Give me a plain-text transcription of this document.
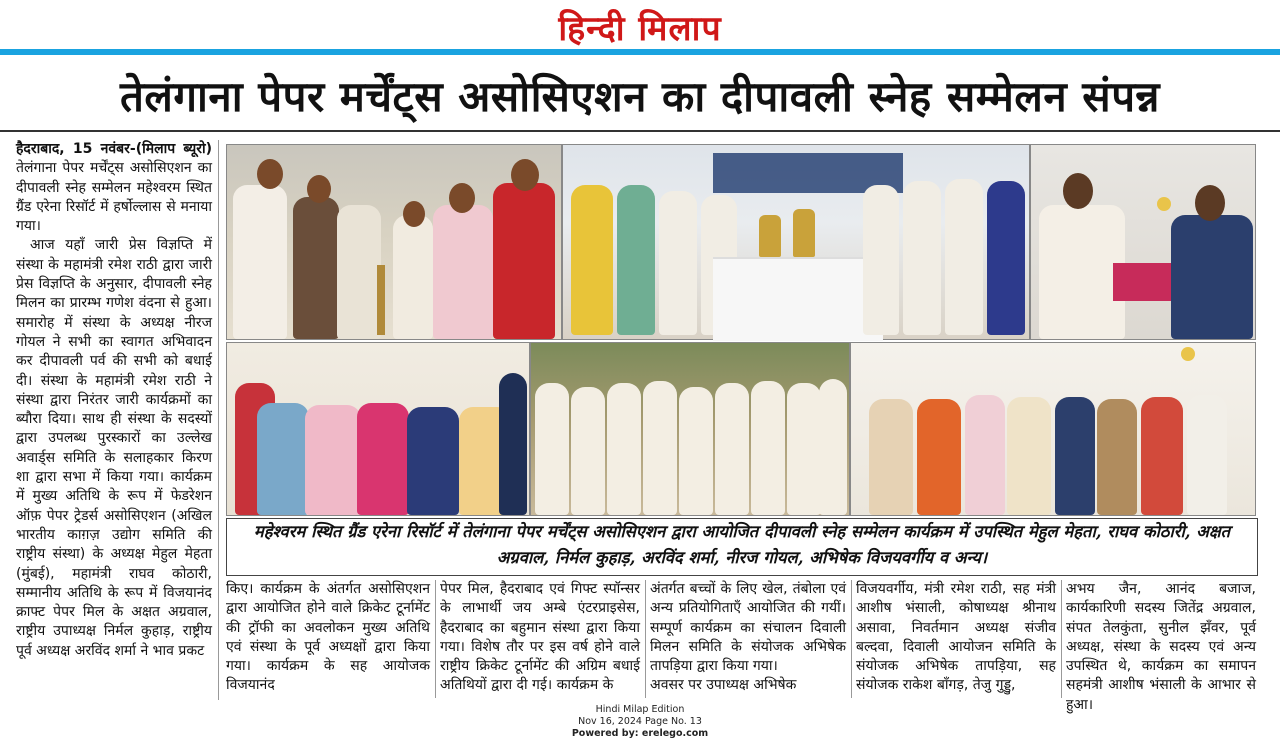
हिन्दी मिलाप
तेलंगाना पेपर मर्चेंट्स असोसिएशन का दीपावली स्नेह सम्मेलन संपन्न

हैदराबाद, 15 नवंबर-(मिलाप ब्यूरो) तेलंगाना पेपर मर्चेंट्स असोसिएशन का दीपावली स्नेह सम्मेलन महेश्वरम स्थित ग्रैंड एरेना रिसॉर्ट में हर्षोल्लास से मनाया गया।

आज यहाँ जारी प्रेस विज्ञप्ति में संस्था के महामंत्री रमेश राठी द्वारा जारी प्रेस विज्ञप्ति के अनुसार, दीपावली स्नेह मिलन का प्रारम्भ गणेश वंदना से हुआ। समारोह में संस्था के अध्यक्ष नीरज गोयल ने सभी का स्वागत अभिवादन कर दीपावली पर्व की सभी को बधाई दी। संस्था के महामंत्री रमेश राठी ने संस्था द्वारा निरंतर जारी कार्यक्रमों का ब्यौरा दिया। साथ ही संस्था के सदस्यों द्वारा उपलब्ध पुरस्कारों का उल्लेख अवार्ड्स समिति के सलाहकार किरण शा द्वारा सभा में किया गया। कार्यक्रम में मुख्य अतिथि के रूप में फेडरेशन ऑफ़ पेपर ट्रेडर्स असोसिएशन (अखिल भारतीय काग़ज़ उद्योग समिति की राष्ट्रीय संस्था) के अध्यक्ष मेहुल मेहता (मुंबई), महामंत्री राघव कोठारी, सम्मानीय अतिथि के रूप में विजयानंद क्राफ्ट पेपर मिल के अक्षत अग्रवाल, राष्ट्रीय उपाध्यक्ष निर्मल कुहाड़, राष्ट्रीय पूर्व अध्यक्ष अरविंद शर्मा ने भाव प्रकट

महेश्वरम स्थित ग्रैंड एरेना रिसॉर्ट में तेलंगाना पेपर मर्चेंट्स असोसिएशन द्वारा आयोजित दीपावली स्नेह सम्मेलन कार्यक्रम में उपस्थित मेहुल मेहता, राघव कोठारी, अक्षत अग्रवाल, निर्मल कुहाड़, अरविंद शर्मा, नीरज गोयल, अभिषेक विजयवर्गीय व अन्य।
किए। कार्यक्रम के अंतर्गत असोसिएशन द्वारा आयोजित होने वाले क्रिकेट टूर्नामेंट की ट्रॉफी का अवलोकन मुख्य अतिथि एवं संस्था के पूर्व अध्यक्षों द्वारा किया गया। कार्यक्रम के सह आयोजक विजयानंद
पेपर मिल, हैदराबाद एवं गिफ्ट स्पॉन्सर के लाभार्थी जय अम्बे एंटरप्राइसेस, हैदराबाद का बहुमान संस्था द्वारा किया गया। विशेष तौर पर इस वर्ष होने वाले राष्ट्रीय क्रिकेट टूर्नामेंट की अग्रिम बधाई अतिथियों द्वारा दी गई। कार्यक्रम के
अंतर्गत बच्चों के लिए खेल, तंबोला एवं अन्य प्रतियोगिताएँ आयोजित की गयीं। सम्पूर्ण कार्यक्रम का संचालन दिवाली मिलन समिति के संयोजक अभिषेक तापड़िया द्वारा किया गया।
अवसर पर उपाध्यक्ष अभिषेक
विजयवर्गीय, मंत्री रमेश राठी, सह मंत्री आशीष भंसाली, कोषाध्यक्ष श्रीनाथ असावा, निवर्तमान अध्यक्ष संजीव बल्दवा, दिवाली आयोजन समिति के संयोजक अभिषेक तापड़िया, सह संयोजक राकेश बाँगड़, तेजु गुड्डु,
अभय जैन, आनंद बजाज, कार्यकारिणी सदस्य जितेंद्र अग्रवाल, संपत तेलकुंता, सुनील झँवर, पूर्व अध्यक्ष, संस्था के सदस्य एवं अन्य उपस्थित थे, कार्यक्रम का समापन सहमंत्री आशीष भंसाली के आभार से हुआ।
Hindi Milap Edition
Nov 16, 2024 Page No. 13
Powered by: erelego.com
